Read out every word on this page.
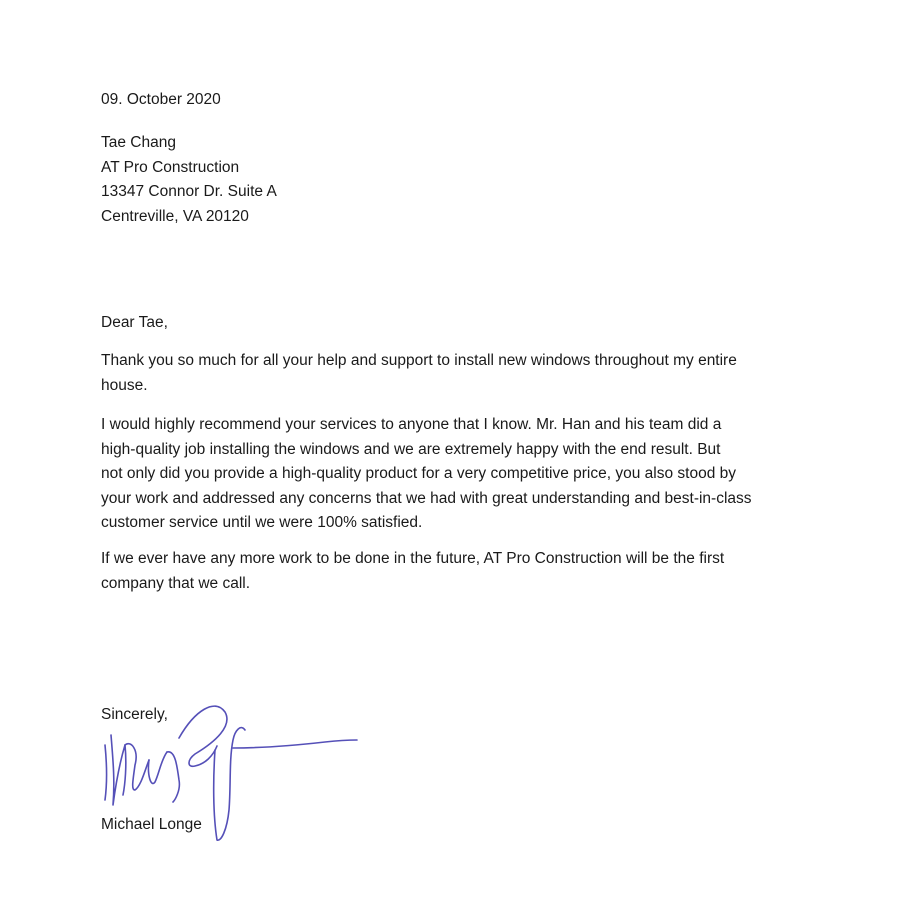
09. October 2020
Tae Chang
AT Pro Construction
13347 Connor Dr. Suite A
Centreville, VA 20120
Dear Tae,
Thank you so much for all your help and support to install new windows throughout my entire
house.
I would highly recommend your services to anyone that I know. Mr. Han and his team did a
high-quality job installing the windows and we are extremely happy with the end result. But
not only did you provide a high-quality product for a very competitive price, you also stood by
your work and addressed any concerns that we had with great understanding and best-in-class
customer service until we were 100% satisfied.
If we ever have any more work to be done in the future, AT Pro Construction will be the first
company that we call.
Sincerely,
Michael Longe
